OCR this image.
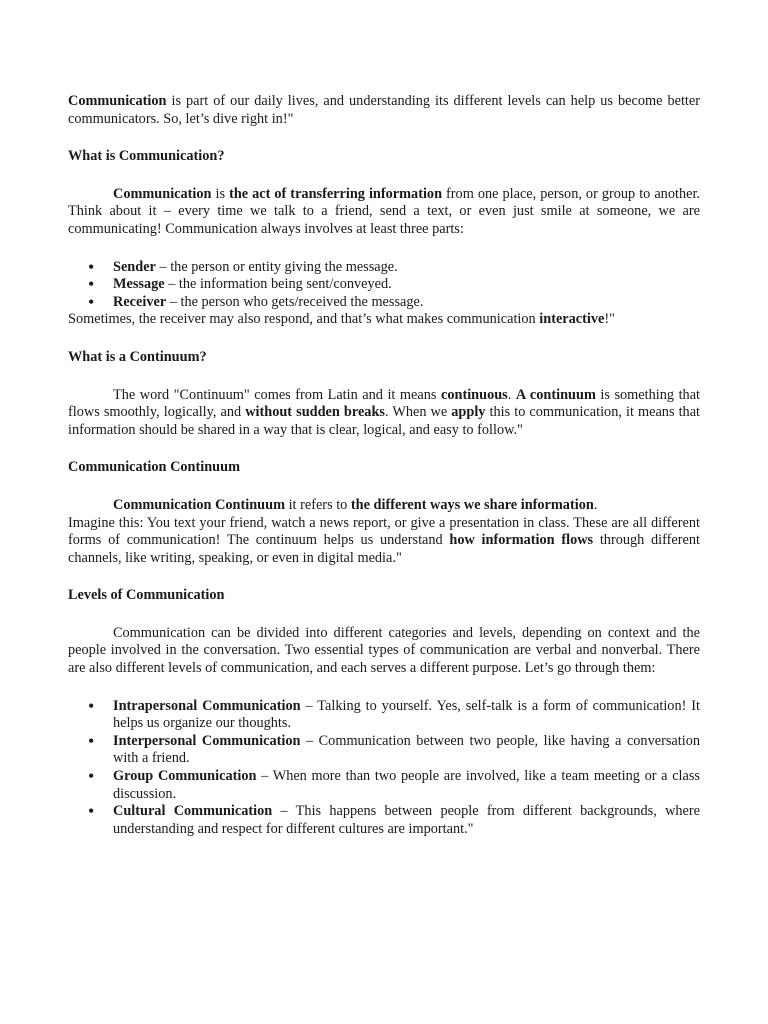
Communication is part of our daily lives, and understanding its different levels can help us become better communicators. So, let’s dive right in!"

What is Communication?

Communication is the act of transferring information from one place, person, or group to another. Think about it – every time we talk to a friend, send a text, or even just smile at someone, we are communicating! Communication always involves at least three parts:

• Sender – the person or entity giving the message.
• Message – the information being sent/conveyed.
• Receiver – the person who gets/received the message.

Sometimes, the receiver may also respond, and that’s what makes communication interactive!"

What is a Continuum?

The word "Continuum" comes from Latin and it means continuous. A continuum is something that flows smoothly, logically, and without sudden breaks. When we apply this to communication, it means that information should be shared in a way that is clear, logical, and easy to follow."

Communication Continuum

Communication Continuum it refers to the different ways we share information.

Imagine this: You text your friend, watch a news report, or give a presentation in class. These are all different forms of communication! The continuum helps us understand how information flows through different channels, like writing, speaking, or even in digital media."

Levels of Communication

Communication can be divided into different categories and levels, depending on context and the people involved in the conversation. Two essential types of communication are verbal and nonverbal. There are also different levels of communication, and each serves a different purpose. Let’s go through them:

• Intrapersonal Communication – Talking to yourself. Yes, self-talk is a form of communication! It helps us organize our thoughts.
• Interpersonal Communication – Communication between two people, like having a conversation with a friend.
• Group Communication – When more than two people are involved, like a team meeting or a class discussion.
• Cultural Communication – This happens between people from different backgrounds, where understanding and respect for different cultures are important."
